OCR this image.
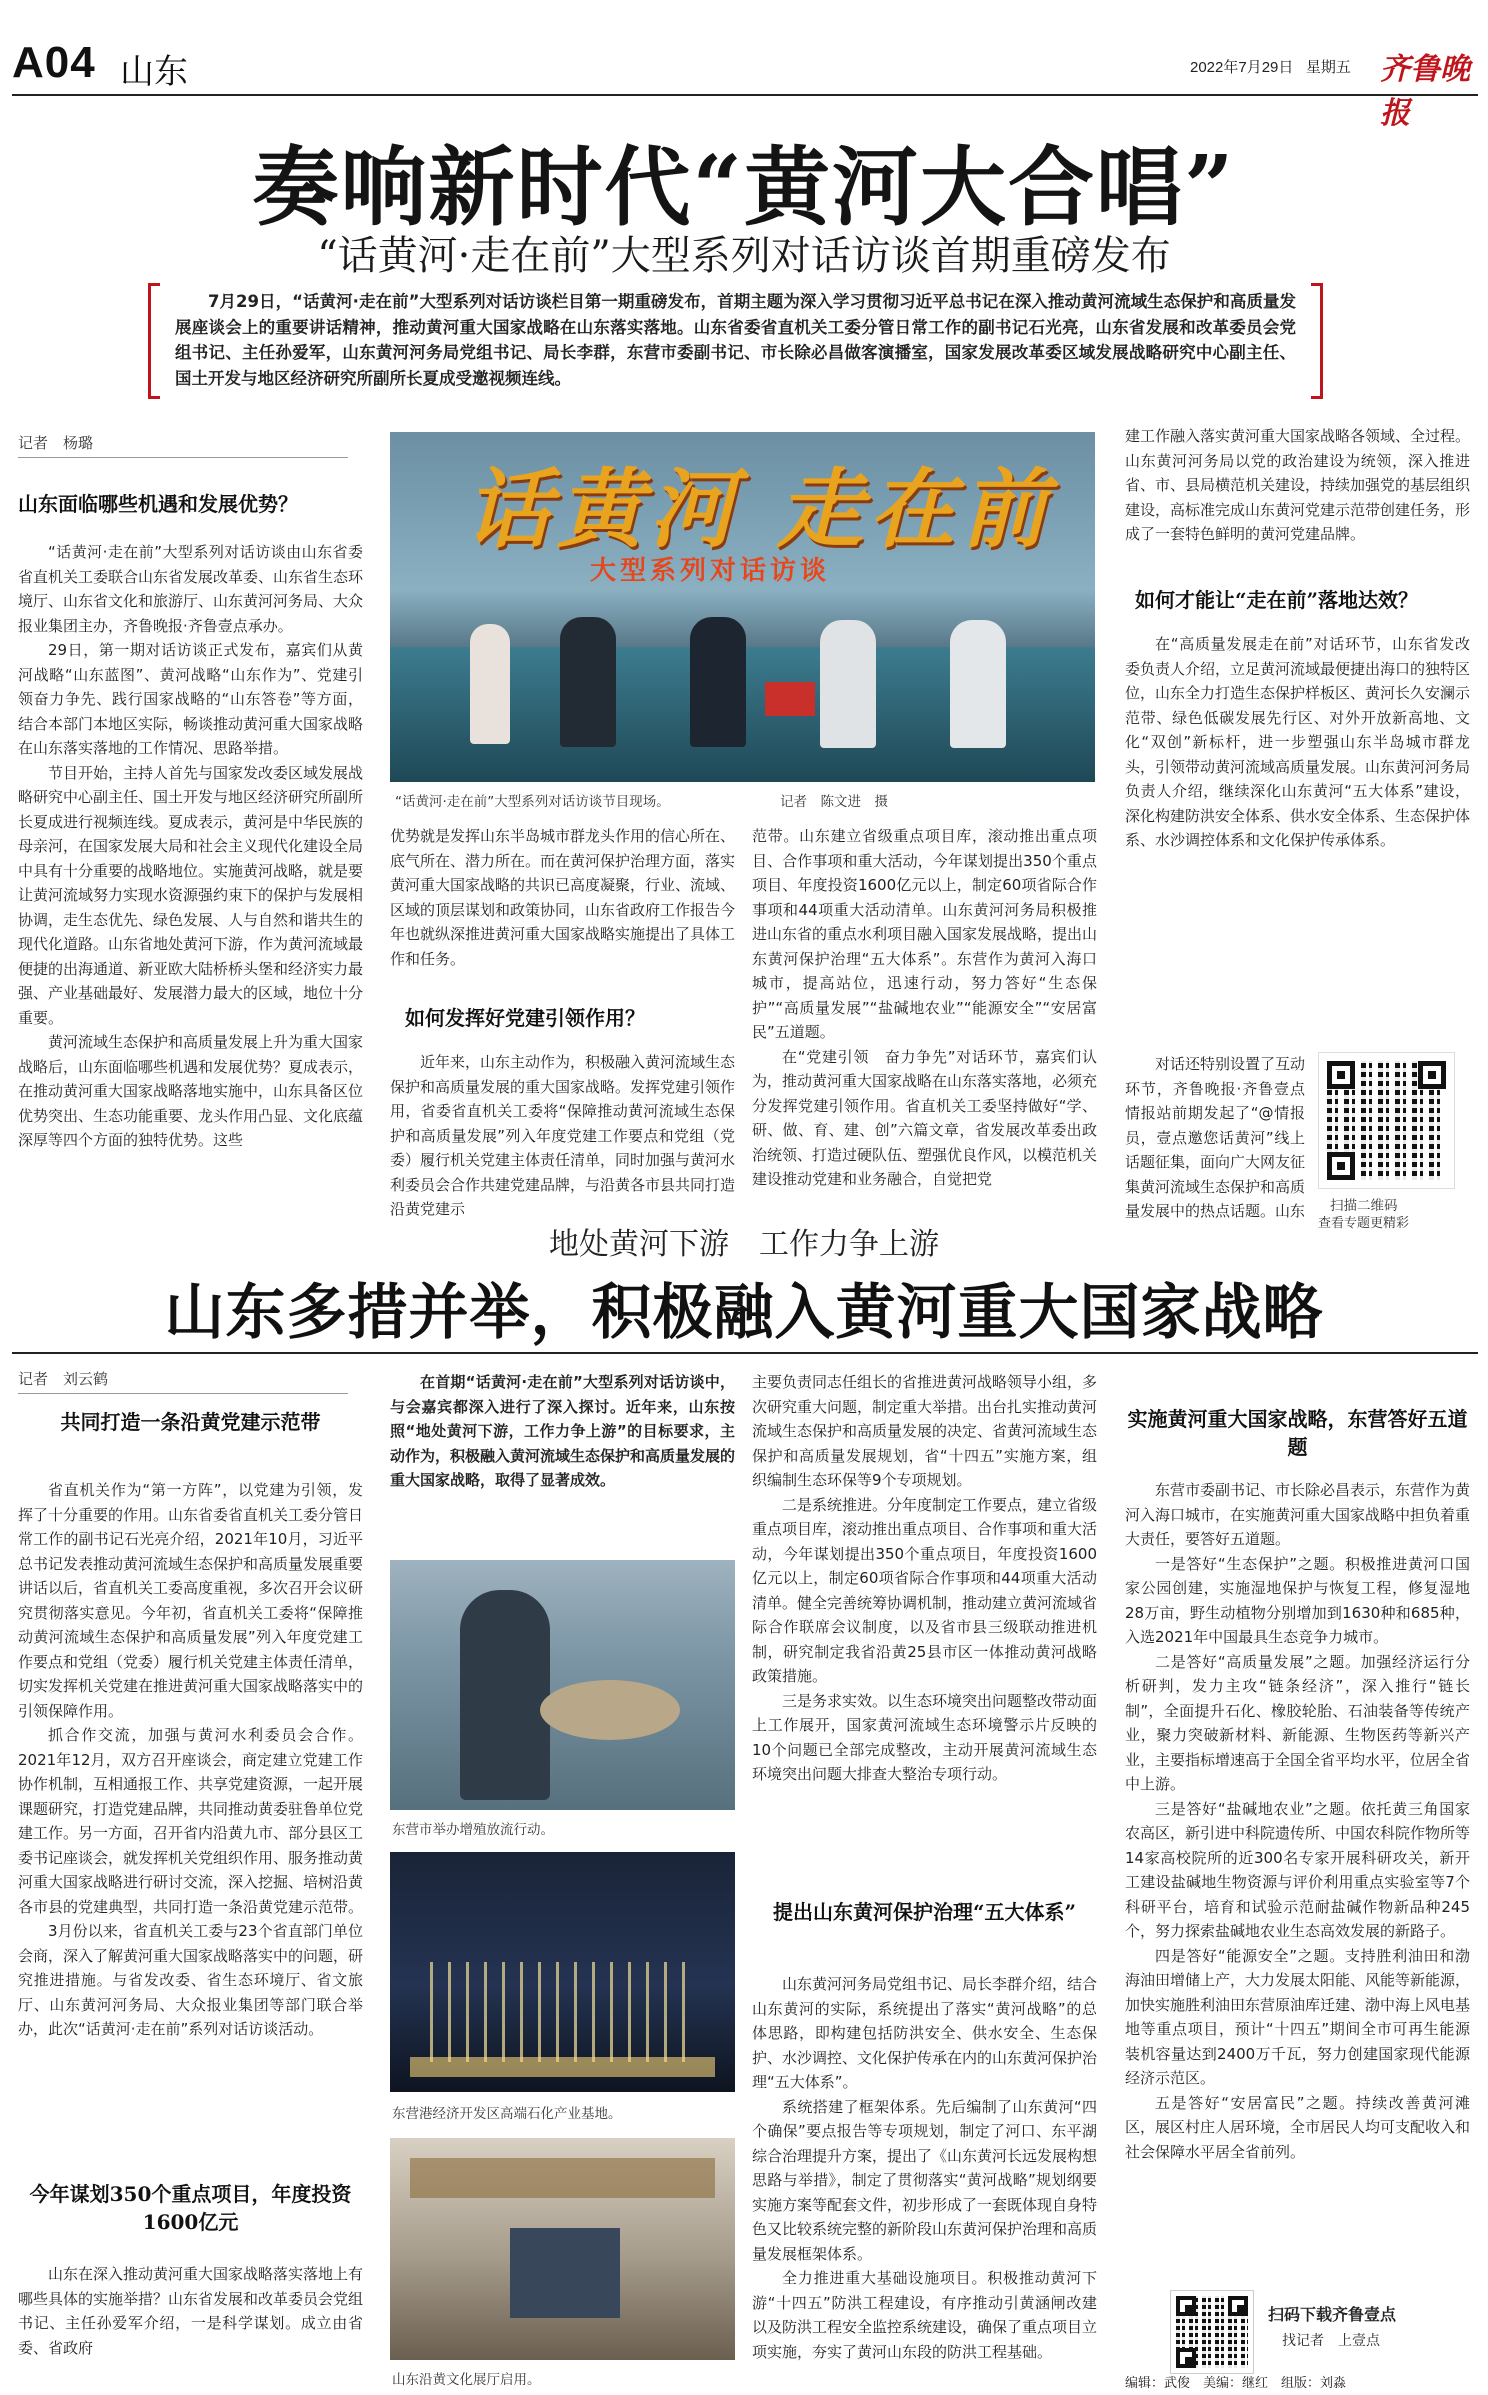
A04 山东	2022年7月29日 星期五 齐鲁晚报
奏响新时代“黄河大合唱”
“话黄河·走在前”大型系列对话访谈首期重磅发布

7月29日，“话黄河·走在前”大型系列对话访谈栏目第一期重磅发布，首期主题为深入学习贯彻习近平总书记在深入推动黄河流域生态保护和高质量发展座谈会上的重要讲话精神，推动黄河重大国家战略在山东落实落地。山东省委省直机关工委分管日常工作的副书记石光亮，山东省发展和改革委员会党组书记、主任孙爱军，山东黄河河务局党组书记、局长李群，东营市委副书记、市长除必昌做客演播室，国家发展改革委区域发展战略研究中心副主任、国土开发与地区经济研究所副所长夏成受邀视频连线。

记者　杨璐
山东面临哪些机遇和发展优势？

“话黄河·走在前”大型系列对话访谈由山东省委省直机关工委联合山东省发展改革委、山东省生态环境厅、山东省文化和旅游厅、山东黄河河务局、大众报业集团主办，齐鲁晚报·齐鲁壹点承办。

29日，第一期对话访谈正式发布，嘉宾们从黄河战略“山东蓝图”、黄河战略“山东作为”、党建引领奋力争先、践行国家战略的“山东答卷”等方面，结合本部门本地区实际，畅谈推动黄河重大国家战略在山东落实落地的工作情况、思路举措。

节目开始，主持人首先与国家发改委区域发展战略研究中心副主任、国土开发与地区经济研究所副所长夏成进行视频连线。夏成表示，黄河是中华民族的母亲河，在国家发展大局和社会主义现代化建设全局中具有十分重要的战略地位。实施黄河战略，就是要让黄河流域努力实现水资源强约束下的保护与发展相协调，走生态优先、绿色发展、人与自然和谐共生的现代化道路。山东省地处黄河下游，作为黄河流域最便捷的出海通道、新亚欧大陆桥桥头堡和经济实力最强、产业基础最好、发展潜力最大的区域，地位十分重要。

黄河流域生态保护和高质量发展上升为重大国家战略后，山东面临哪些机遇和发展优势？夏成表示，在推动黄河重大国家战略落地实施中，山东具备区位优势突出、生态功能重要、龙头作用凸显、文化底蕴深厚等四个方面的独特优势。这些

话黄河 走在前
大型系列对话访谈
“话黄河·走在前”大型系列对话访谈节目现场。	记者　陈文进　摄

优势就是发挥山东半岛城市群龙头作用的信心所在、底气所在、潜力所在。而在黄河保护治理方面，落实黄河重大国家战略的共识已高度凝聚，行业、流域、区域的顶层谋划和政策协同，山东省政府工作报告今年也就纵深推进黄河重大国家战略实施提出了具体工作和任务。

如何发挥好党建引领作用？

近年来，山东主动作为，积极融入黄河流域生态保护和高质量发展的重大国家战略。发挥党建引领作用，省委省直机关工委将“保障推动黄河流域生态保护和高质量发展”列入年度党建工作要点和党组（党委）履行机关党建主体责任清单，同时加强与黄河水利委员会合作共建党建品牌，与沿黄各市县共同打造沿黄党建示

范带。山东建立省级重点项目库，滚动推出重点项目、合作事项和重大活动，今年谋划提出350个重点项目、年度投资1600亿元以上，制定60项省际合作事项和44项重大活动清单。山东黄河河务局积极推进山东省的重点水利项目融入国家发展战略，提出山东黄河保护治理“五大体系”。东营作为黄河入海口城市，提高站位，迅速行动，努力答好“生态保护”“高质量发展”“盐碱地农业”“能源安全”“安居富民”五道题。

在“党建引领　奋力争先”对话环节，嘉宾们认为，推动黄河重大国家战略在山东落实落地，必须充分发挥党建引领作用。省直机关工委坚持做好“学、研、做、育、建、创”六篇文章，省发展改革委出政治统领、打造过硬队伍、塑强优良作风，以模范机关建设推动党建和业务融合，自觉把党

建工作融入落实黄河重大国家战略各领域、全过程。山东黄河河务局以党的政治建设为统领，深入推进省、市、县局横范机关建设，持续加强党的基层组织建设，高标准完成山东黄河党建示范带创建任务，形成了一套特色鲜明的黄河党建品牌。

如何才能让“走在前”落地达效？

在“高质量发展走在前”对话环节，山东省发改委负责人介绍，立足黄河流域最便捷出海口的独特区位，山东全力打造生态保护样板区、黄河长久安澜示范带、绿色低碳发展先行区、对外开放新高地、文化“双创”新标杆，进一步塑强山东半岛城市群龙头，引领带动黄河流域高质量发展。山东黄河河务局负责人介绍，继续深化山东黄河“五大体系”建设，深化构建防洪安全体系、供水安全体系、生态保护体系、水沙调控体系和文化保护传承体系。

对话还特别设置了互动环节，齐鲁晚报·齐鲁壹点情报站前期发起了“@情报员，壹点邀您话黄河”线上话题征集，面向广大网友征集黄河流域生态保护和高质量发展中的热点话题。山东 扫描二维码
查看专题更精彩
地处黄河下游　工作力争上游
山东多措并举，积极融入黄河重大国家战略
记者　刘云鹤
共同打造一条沿黄党建示范带

省直机关作为“第一方阵”，以党建为引领，发挥了十分重要的作用。山东省委省直机关工委分管日常工作的副书记石光亮介绍，2021年10月，习近平总书记发表推动黄河流域生态保护和高质量发展重要讲话以后，省直机关工委高度重视，多次召开会议研究贯彻落实意见。今年初，省直机关工委将“保障推动黄河流域生态保护和高质量发展”列入年度党建工作要点和党组（党委）履行机关党建主体责任清单，切实发挥机关党建在推进黄河重大国家战略落实中的引领保障作用。

抓合作交流，加强与黄河水利委员会合作。2021年12月，双方召开座谈会，商定建立党建工作协作机制，互相通报工作、共享党建资源，一起开展课题研究，打造党建品牌，共同推动黄委驻鲁单位党建工作。另一方面，召开省内沿黄九市、部分县区工委书记座谈会，就发挥机关党组织作用、服务推动黄河重大国家战略进行研讨交流，深入挖掘、培树沿黄各市县的党建典型，共同打造一条沿黄党建示范带。

3月份以来，省直机关工委与23个省直部门单位会商，深入了解黄河重大国家战略落实中的问题，研究推进措施。与省发改委、省生态环境厅、省文旅厅、山东黄河河务局、大众报业集团等部门联合举办，此次“话黄河·走在前”系列对话访谈活动。

今年谋划350个重点项目，年度投资1600亿元

山东在深入推动黄河重大国家战略落实落地上有哪些具体的实施举措？山东省发展和改革委员会党组书记、主任孙爱军介绍，一是科学谋划。成立由省委、省政府

在首期“话黄河·走在前”大型系列对话访谈中，与会嘉宾都深入进行了深入探讨。近年来，山东按照“地处黄河下游，工作力争上游”的目标要求，主动作为，积极融入黄河流域生态保护和高质量发展的重大国家战略，取得了显著成效。

东营市举办增殖放流行动。
东营港经济开发区高端石化产业基地。
山东沿黄文化展厅启用。

主要负责同志任组长的省推进黄河战略领导小组，多次研究重大问题，制定重大举措。出台扎实推动黄河流域生态保护和高质量发展的决定、省黄河流域生态保护和高质量发展规划，省“十四五”实施方案，组织编制生态环保等9个专项规划。

二是系统推进。分年度制定工作要点，建立省级重点项目库，滚动推出重点项目、合作事项和重大活动，今年谋划提出350个重点项目，年度投资1600亿元以上，制定60项省际合作事项和44项重大活动清单。健全完善统筹协调机制，推动建立黄河流域省际合作联席会议制度，以及省市县三级联动推进机制，研究制定我省沿黄25县市区一体推动黄河战略政策措施。

三是务求实效。以生态环境突出问题整改带动面上工作展开，国家黄河流域生态环境警示片反映的10个问题已全部完成整改，主动开展黄河流域生态环境突出问题大排查大整治专项行动。

提出山东黄河保护治理“五大体系”

山东黄河河务局党组书记、局长李群介绍，结合山东黄河的实际，系统提出了落实“黄河战略”的总体思路，即构建包括防洪安全、供水安全、生态保护、水沙调控、文化保护传承在内的山东黄河保护治理“五大体系”。

系统搭建了框架体系。先后编制了山东黄河“四个确保”要点报告等专项规划，制定了河口、东平湖综合治理提升方案，提出了《山东黄河长远发展构想思路与举措》，制定了贯彻落实“黄河战略”规划纲要实施方案等配套文件，初步形成了一套既体现自身特色又比较系统完整的新阶段山东黄河保护治理和高质量发展框架体系。

全力推进重大基础设施项目。积极推动黄河下游“十四五”防洪工程建设，有序推动引黄涵闸改建以及防洪工程安全监控系统建设，确保了重点项目立项实施，夯实了黄河山东段的防洪工程基础。

实施黄河重大国家战略，东营答好五道题

东营市委副书记、市长除必昌表示，东营作为黄河入海口城市，在实施黄河重大国家战略中担负着重大责任，要答好五道题。

一是答好“生态保护”之题。积极推进黄河口国家公园创建，实施湿地保护与恢复工程，修复湿地28万亩，野生动植物分别增加到1630种和685种，入选2021年中国最具生态竞争力城市。

二是答好“高质量发展”之题。加强经济运行分析研判，发力主攻“链条经济”，深入推行“链长制”，全面提升石化、橡胶轮胎、石油装备等传统产业，聚力突破新材料、新能源、生物医药等新兴产业，主要指标增速高于全国全省平均水平，位居全省中上游。

三是答好“盐碱地农业”之题。依托黄三角国家农高区，新引进中科院遗传所、中国农科院作物所等14家高校院所的近300名专家开展科研攻关，新开工建设盐碱地生物资源与评价利用重点实验室等7个科研平台，培育和试验示范耐盐碱作物新品种245个，努力探索盐碱地农业生态高效发展的新路子。

四是答好“能源安全”之题。支持胜利油田和渤海油田增储上产，大力发展太阳能、风能等新能源，加快实施胜利油田东营原油库迁建、渤中海上风电基地等重点项目，预计“十四五”期间全市可再生能源装机容量达到2400万千瓦，努力创建国家现代能源经济示范区。

五是答好“安居富民”之题。持续改善黄河滩区，展区村庄人居环境，全市居民人均可支配收入和社会保障水平居全省前列。

扫码下载齐鲁壹点
找记者　上壹点
编辑：武俊　美编：继红　组版：刘淼
